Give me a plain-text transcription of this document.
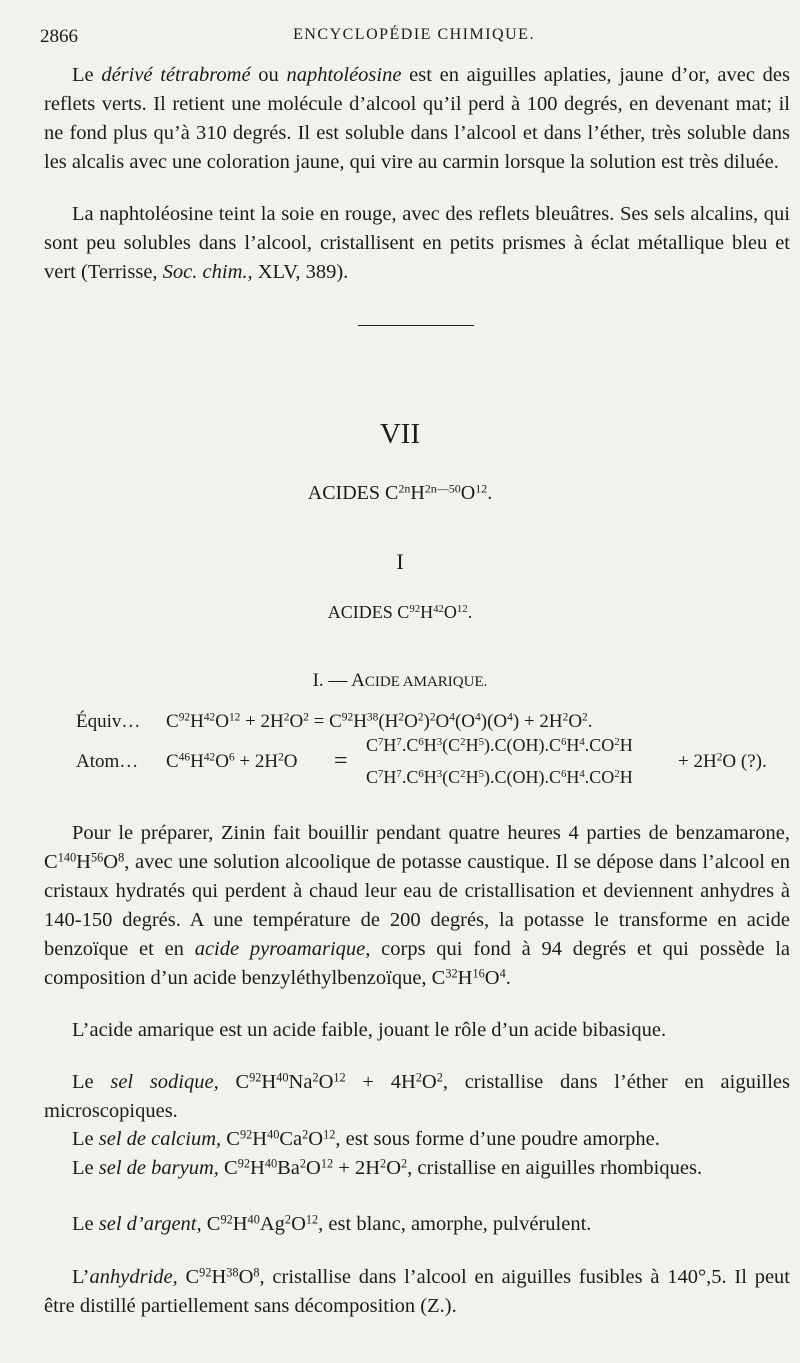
2866	ENCYCLOPÉDIE CHIMIQUE.
Le dérivé tétrabromé ou naphtoléosine est en aiguilles aplaties, jaune d’or, avec des reflets verts. Il retient une molécule d’alcool qu’il perd à 100 degrés, en devenant mat; il ne fond plus qu’à 310 degrés. Il est soluble dans l’alcool et dans l’éther, très soluble dans les alcalis avec une coloration jaune, qui vire au carmin lorsque la solution est très diluée.
La naphtoléosine teint la soie en rouge, avec des reflets bleuâtres. Ses sels alcalins, qui sont peu solubles dans l’alcool, cristallisent en petits prismes à éclat métallique bleu et vert (Terrisse, Soc. chim., XLV, 389).
VII
ACIDES $C^{2n}H^{2n—50}O^{12}$.
I
ACIDES $C^{92}H^{42}O^{12}$.
I. — ACIDE AMARIQUE.
Équiv… $C^{92}H^{42}O^{12} + 2H^2O^2 = C^{92}H^{38}(H^2O^2)^2O^4(O^4)(O^4) + 2H^2O^2$.
Atom… $C^{46}H^{42}O^6 + 2H^2O$ =
$C^7H^7.C^6H^3(C^2H^5).C(OH).C^6H^4.CO^2H$
$C^7H^7.C^6H^3(C^2H^5).C(OH).C^6H^4.CO^2H$
+ $2H^2O$ (?).
Pour le préparer, Zinin fait bouillir pendant quatre heures 4 parties de benzamarone, $C^{140}H^{56}O^8$, avec une solution alcoolique de potasse caustique. Il se dépose dans l’alcool en cristaux hydratés qui perdent à chaud leur eau de cristallisation et deviennent anhydres à 140-150 degrés. A une température de 200 degrés, la potasse le transforme en acide benzoïque et en acide pyroamarique, corps qui fond à 94 degrés et qui possède la composition d’un acide benzyléthylbenzoïque, $C^{32}H^{16}O^4$.
L’acide amarique est un acide faible, jouant le rôle d’un acide bibasique.
Le sel sodique, $C^{92}H^{40}Na^2O^{12} + 4H^2O^2$, cristallise dans l’éther en aiguilles microscopiques.
Le sel de calcium, $C^{92}H^{40}Ca^2O^{12}$, est sous forme d’une poudre amorphe.
Le sel de baryum, $C^{92}H^{40}Ba^2O^{12} + 2H^2O^2$, cristallise en aiguilles rhombiques.
Le sel d’argent, $C^{92}H^{40}Ag^2O^{12}$, est blanc, amorphe, pulvérulent.
L’anhydride, $C^{92}H^{38}O^8$, cristallise dans l’alcool en aiguilles fusibles à 140°,5. Il peut être distillé partiellement sans décomposition (Z.).
